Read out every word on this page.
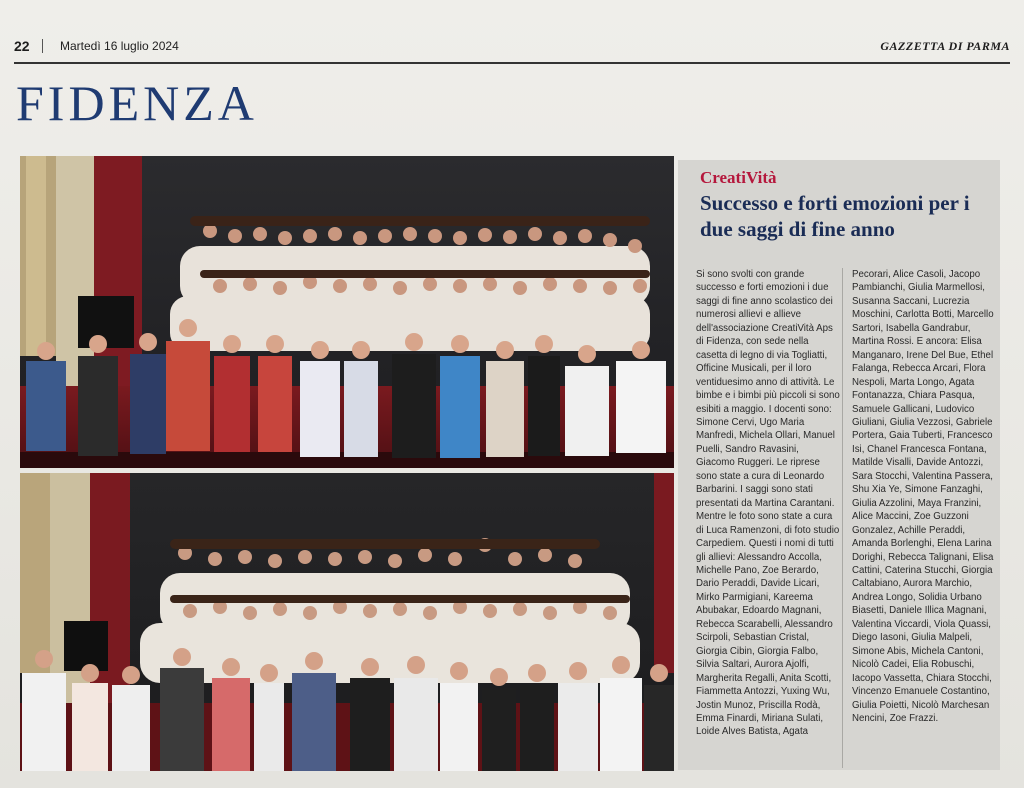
22	Martedì 16 luglio 2024	GAZZETTA DI PARMA
FIDENZA
CreatiVità
Successo e forti emozioni per i due saggi di fine anno

Si sono svolti con grande successo e forti emozioni i due saggi di fine anno scolastico dei numerosi allievi e allieve dell'associazione CreatiVità Aps di Fidenza, con sede nella casetta di legno di via Togliatti, Officine Musicali, per il loro ventiduesimo anno di attività. Le bimbe e i bimbi più piccoli si sono esibiti a maggio. I docenti sono: Simone Cervi, Ugo Maria Manfredi, Michela Ollari, Manuel Puelli, Sandro Ravasini, Giacomo Ruggeri. Le riprese sono state a cura di Leonardo Barbarini. I saggi sono stati presentati da Martina Carantani. Mentre le foto sono state a cura di Luca Ramenzoni, di foto studio Carpediem. Questi i nomi di tutti gli allievi: Alessandro Accolla, Michelle Pano, Zoe Berardo, Dario Peraddi, Davide Licari, Mirko Parmigiani, Kareema Abubakar, Edoardo Magnani, Rebecca Scarabelli, Alessandro Scirpoli, Sebastian Cristal, Giorgia Cibin, Giorgia Falbo, Silvia Saltari, Aurora Ajolfi, Margherita Regalli, Anita Scotti, Fiammetta Antozzi, Yuxing Wu, Jostin Munoz, Priscilla Rodà, Emma Finardi, Miriana Sulati, Loide Alves Batista, Agata Pecorari, Alice Casoli, Jacopo Pambianchi, Giulia Marmellosi, Susanna Saccani, Lucrezia Moschini, Carlotta Botti, Marcello Sartori, Isabella Gandrabur, Martina Rossi. E ancora: Elisa Manganaro, Irene Del Bue, Ethel Falanga, Rebecca Arcari, Flora Nespoli, Marta Longo, Agata Fontanazza, Chiara Pasqua, Samuele Gallicani, Ludovico Giuliani, Giulia Vezzosi, Gabriele Portera, Gaia Tuberti, Francesco Isi, Chanel Francesca Fontana, Matilde Visalli, Davide Antozzi, Sara Stocchi, Valentina Passera, Shu Xia Ye, Simone Fanzaghi, Giulia Azzolini, Maya Franzini, Alice Maccini, Zoe Guzzoni Gonzalez, Achille Peraddi, Amanda Borlenghi, Elena Larina Dorighi, Rebecca Talignani, Elisa Cattini, Caterina Stucchi, Giorgia Caltabiano, Aurora Marchio, Andrea Longo, Solidia Urbano Biasetti, Daniele Illica Magnani, Valentina Viccardi, Viola Quassi, Diego Iasoni, Giulia Malpeli, Simone Abis, Michela Cantoni, Nicolò Cadei, Elia Robuschi, Iacopo Vassetta, Chiara Stocchi, Vincenzo Emanuele Costantino, Giulia Poietti, Nicolò Marchesan Nencini, Zoe Frazzi.
